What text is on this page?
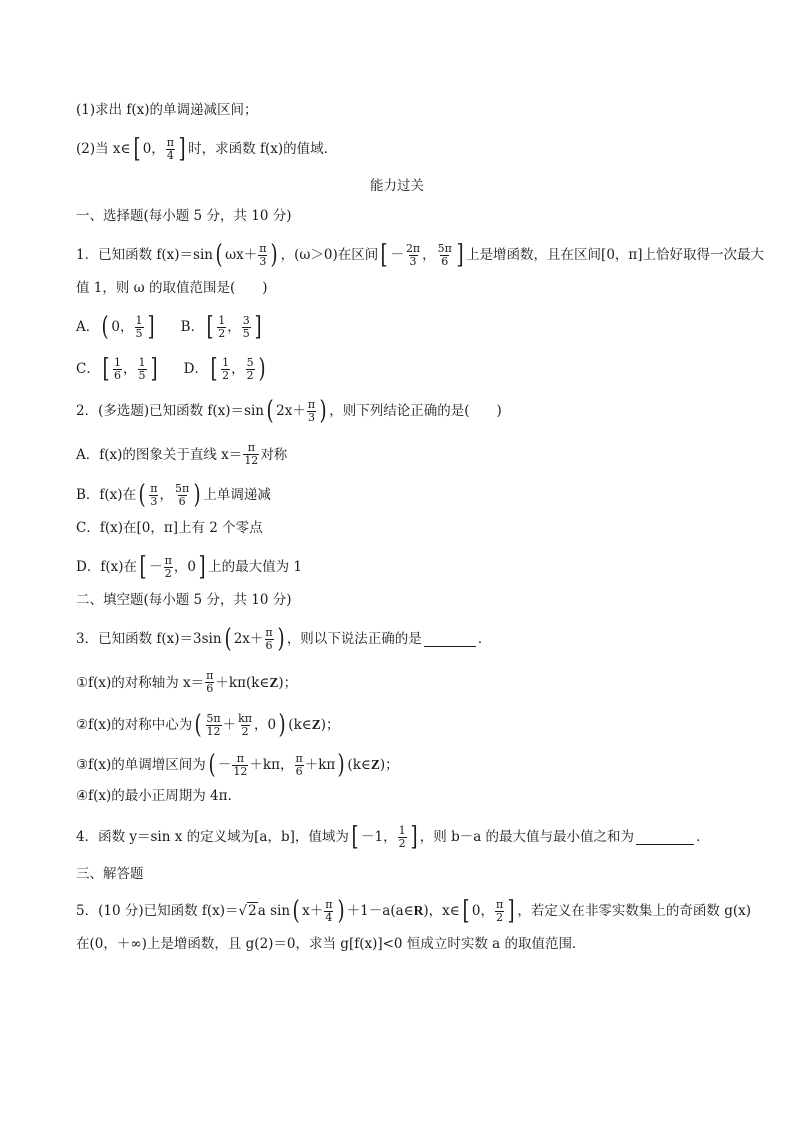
(1)求出 f(x)的单调递减区间；
(2)当 x∈ [ 0， $\frac{\pi}{4}$ ] 时，求函数 f(x)的值域．
能力过关
一、选择题(每小题 5 分，共 10 分)
1．已知函数 f(x)＝sin ( $\omega x+ \frac{\pi}{3}$ ) ，(ω＞0)在区间 [ － $\frac{2\pi}{3}$ ， $\frac{5\pi}{6}$ ] 上是增函数，且在区间[0，π]上恰好取得一次最大
值 1，则 ω 的取值范围是(　　)
A． ( 0， $\frac{1}{5}$ ] B． [ $\frac{1}{2}$ ， $\frac{3}{5}$ ]
C． [ $\frac{1}{6}$ ， $\frac{1}{5}$ ] D． [ $\frac{1}{2}$ ， $\frac{5}{2}$ )
2．(多选题)已知函数 f(x)＝sin ( $2x+ \frac{\pi}{3}$ ) ，则下列结论正确的是(　　)
A．f(x)的图象关于直线 $x= \frac{\pi}{12}$ 对称
B．f(x)在 ( $\frac{\pi}{3}$ ， $\frac{5\pi}{6}$ ) 上单调递减
C．f(x)在[0，π]上有 2 个零点
D．f(x)在 [ － $\frac{\pi}{2}$ ，0 ] 上的最大值为 1
二、填空题(每小题 5 分，共 10 分)
3．已知函数 f(x)＝3sin ( $2x+ \frac{\pi}{6}$ ) ，则以下说法正确的是	．
①f(x)的对称轴为 $x= \frac{\pi}{6}$ ＋kπ(k∈ Z )；
②f(x)的对称中心为 ( $\frac{5\pi}{12} + \frac{k\pi}{2}$ ，0 ) (k∈ Z )；
③f(x)的单调增区间为 ( － $\frac{\pi}{12} +k\pi$， $\frac{\pi}{6} +k\pi$ ) (k∈ Z )；
④f(x)的最小正周期为 4π.
4．函数 y＝sin x 的定义域为[a，b]，值域为 [ －1， $\frac{1}{2}$ ] ，则 b－a 的最大值与最小值之和为	．
三、解答题
5．(10 分)已知函数 f(x)＝ √2 a sin ( $x+ \frac{\pi}{4}$ ) ＋1－a(a∈ R )，x∈ [ 0， $\frac{\pi}{2}$ ] ，若定义在非零实数集上的奇函数 g(x)
在(0，＋∞)上是增函数，且 g(2)＝0，求当 g[f(x)]<0 恒成立时实数 a 的取值范围．
